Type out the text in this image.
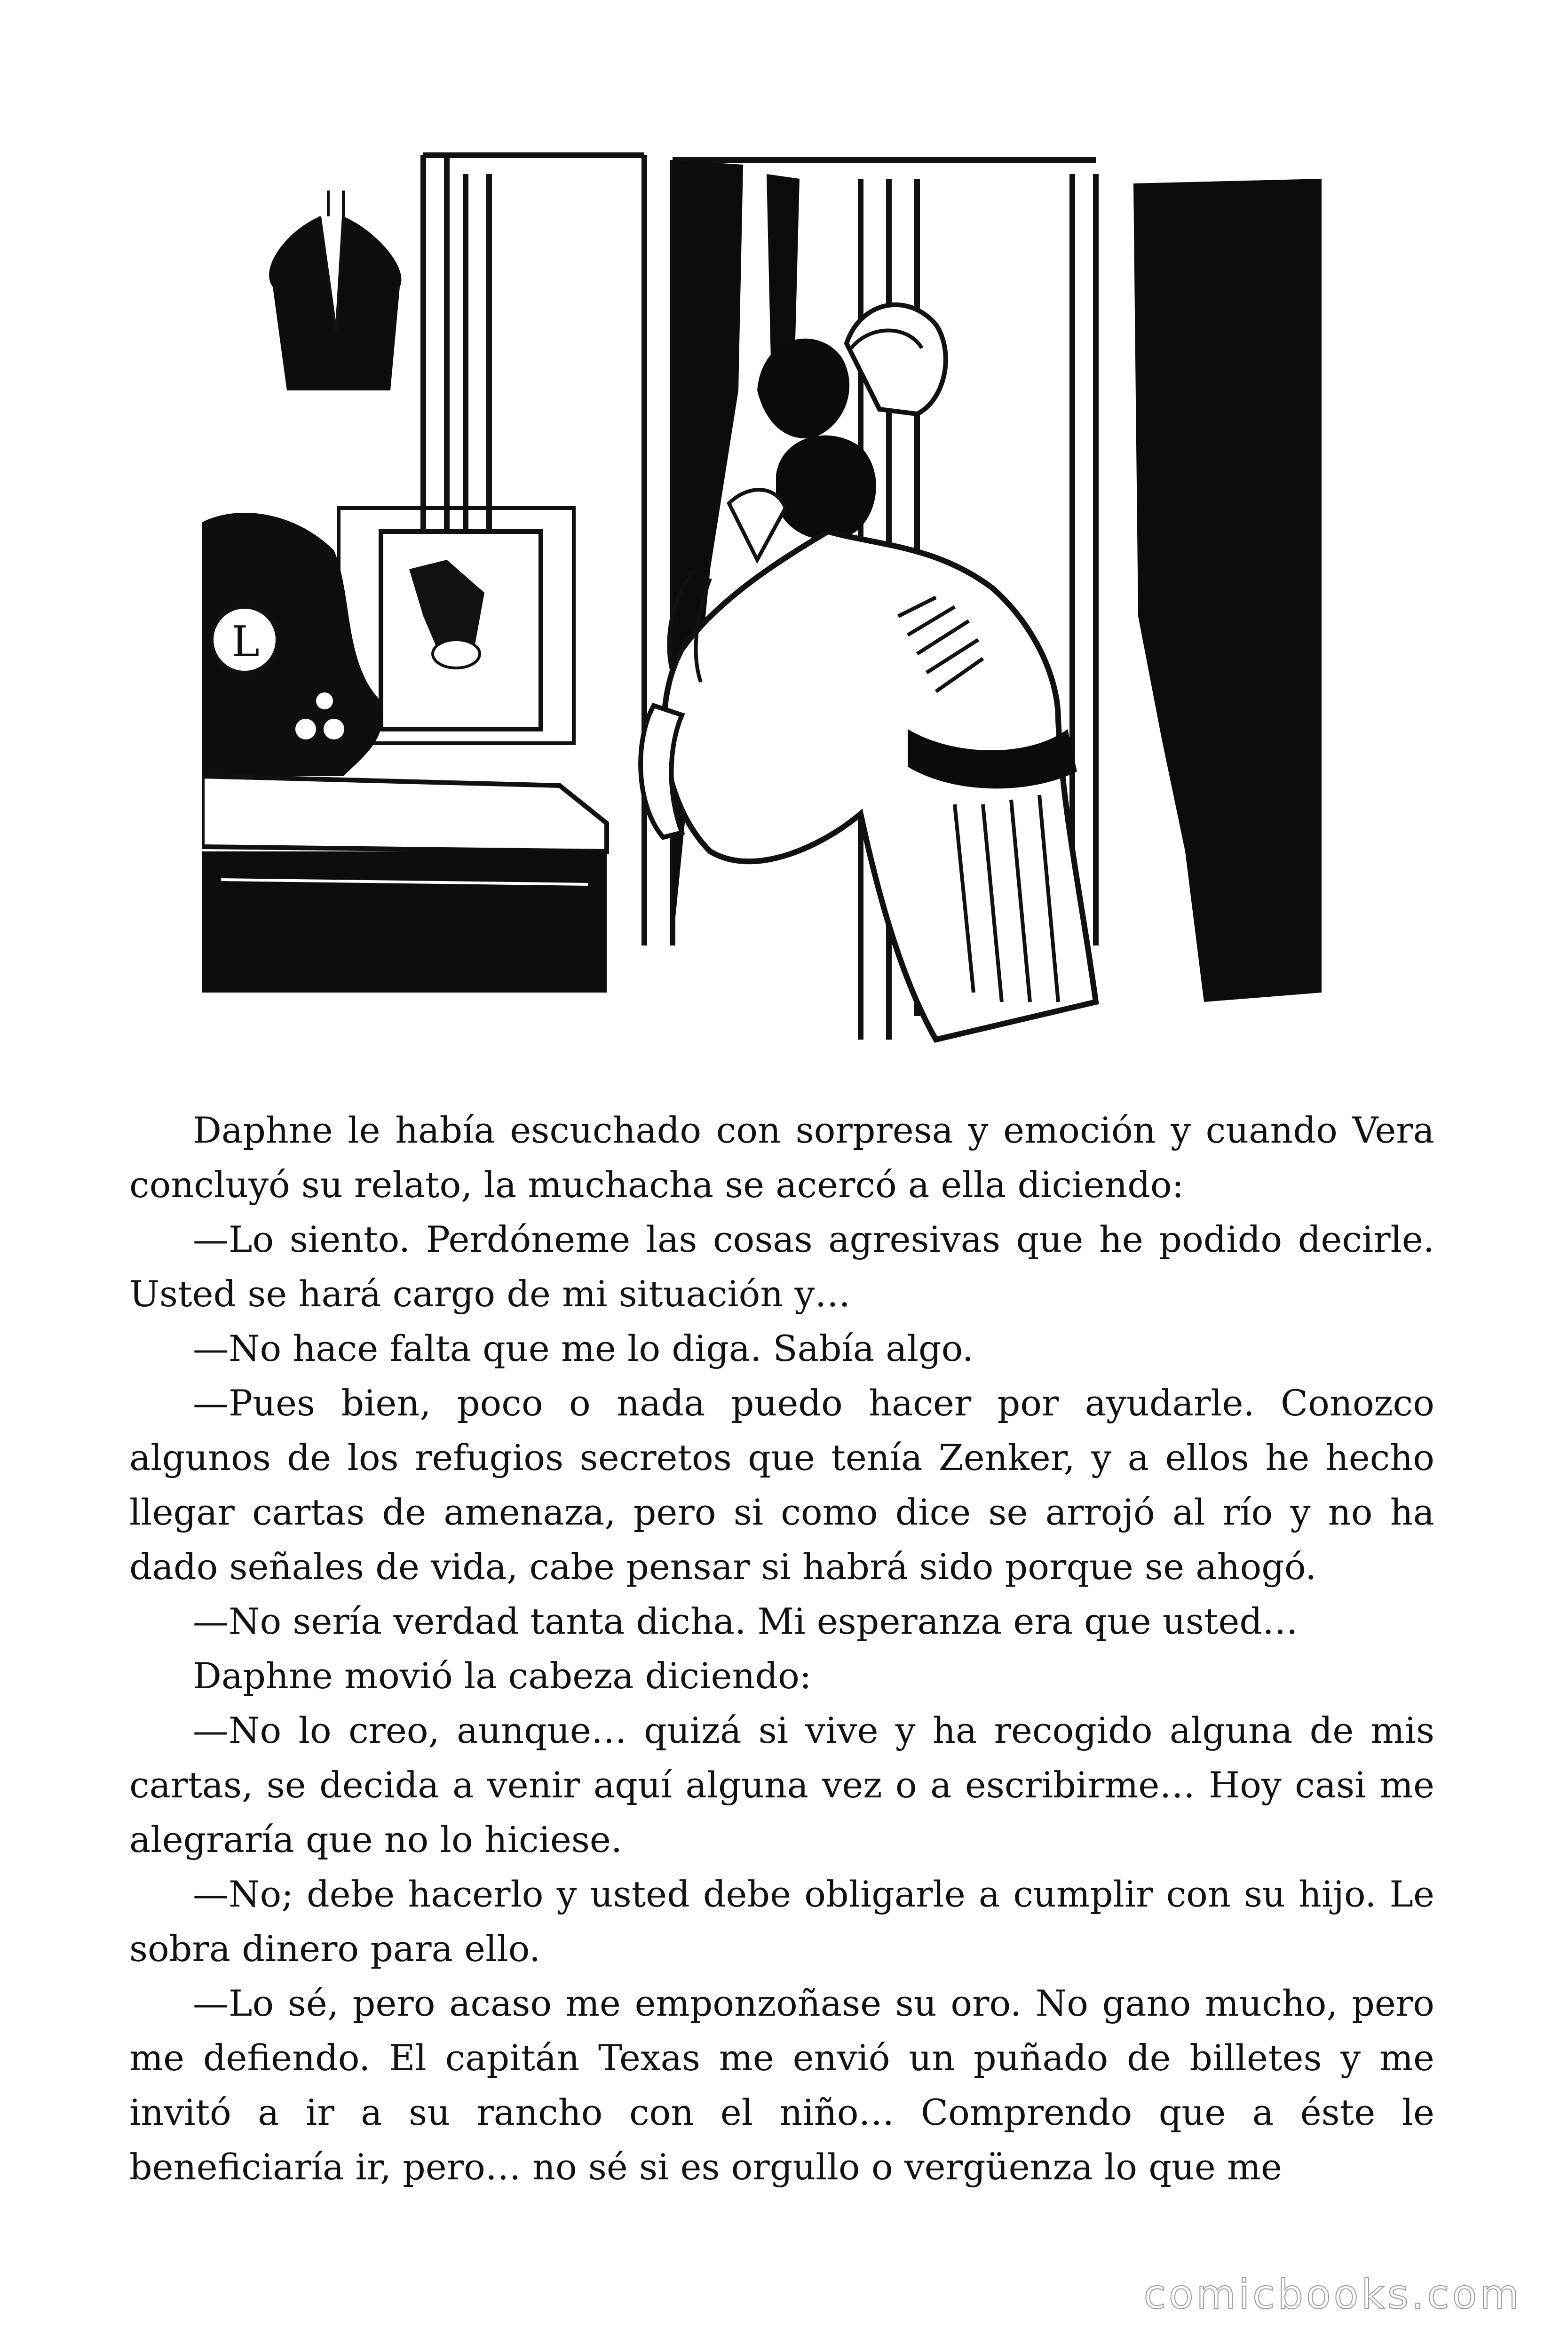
L

Daphne le había escuchado con sorpresa y emoción y cuando Vera concluyó su relato, la muchacha se acercó a ella diciendo:

—Lo siento. Perdóneme las cosas agresivas que he podido decirle. Usted se hará cargo de mi situación y…

—No hace falta que me lo diga. Sabía algo.

—Pues bien, poco o nada puedo hacer por ayudarle. Conozco algunos de los refugios secretos que tenía Zenker, y a ellos he hecho llegar cartas de amenaza, pero si como dice se arrojó al río y no ha dado señales de vida, cabe pensar si habrá sido porque se ahogó.

—No sería verdad tanta dicha. Mi esperanza era que usted…

Daphne movió la cabeza diciendo:

—No lo creo, aunque… quizá si vive y ha recogido alguna de mis cartas, se decida a venir aquí alguna vez o a escribirme… Hoy casi me alegraría que no lo hiciese.

—No; debe hacerlo y usted debe obligarle a cumplir con su hijo. Le sobra dinero para ello.

—Lo sé, pero acaso me emponzoñase su oro. No gano mucho, pero me defiendo. El capitán Texas me envió un puñado de billetes y me invitó a ir a su rancho con el niño… Comprendo que a éste le beneficiaría ir, pero… no sé si es orgullo o vergüenza lo que me

comicbooks.com
